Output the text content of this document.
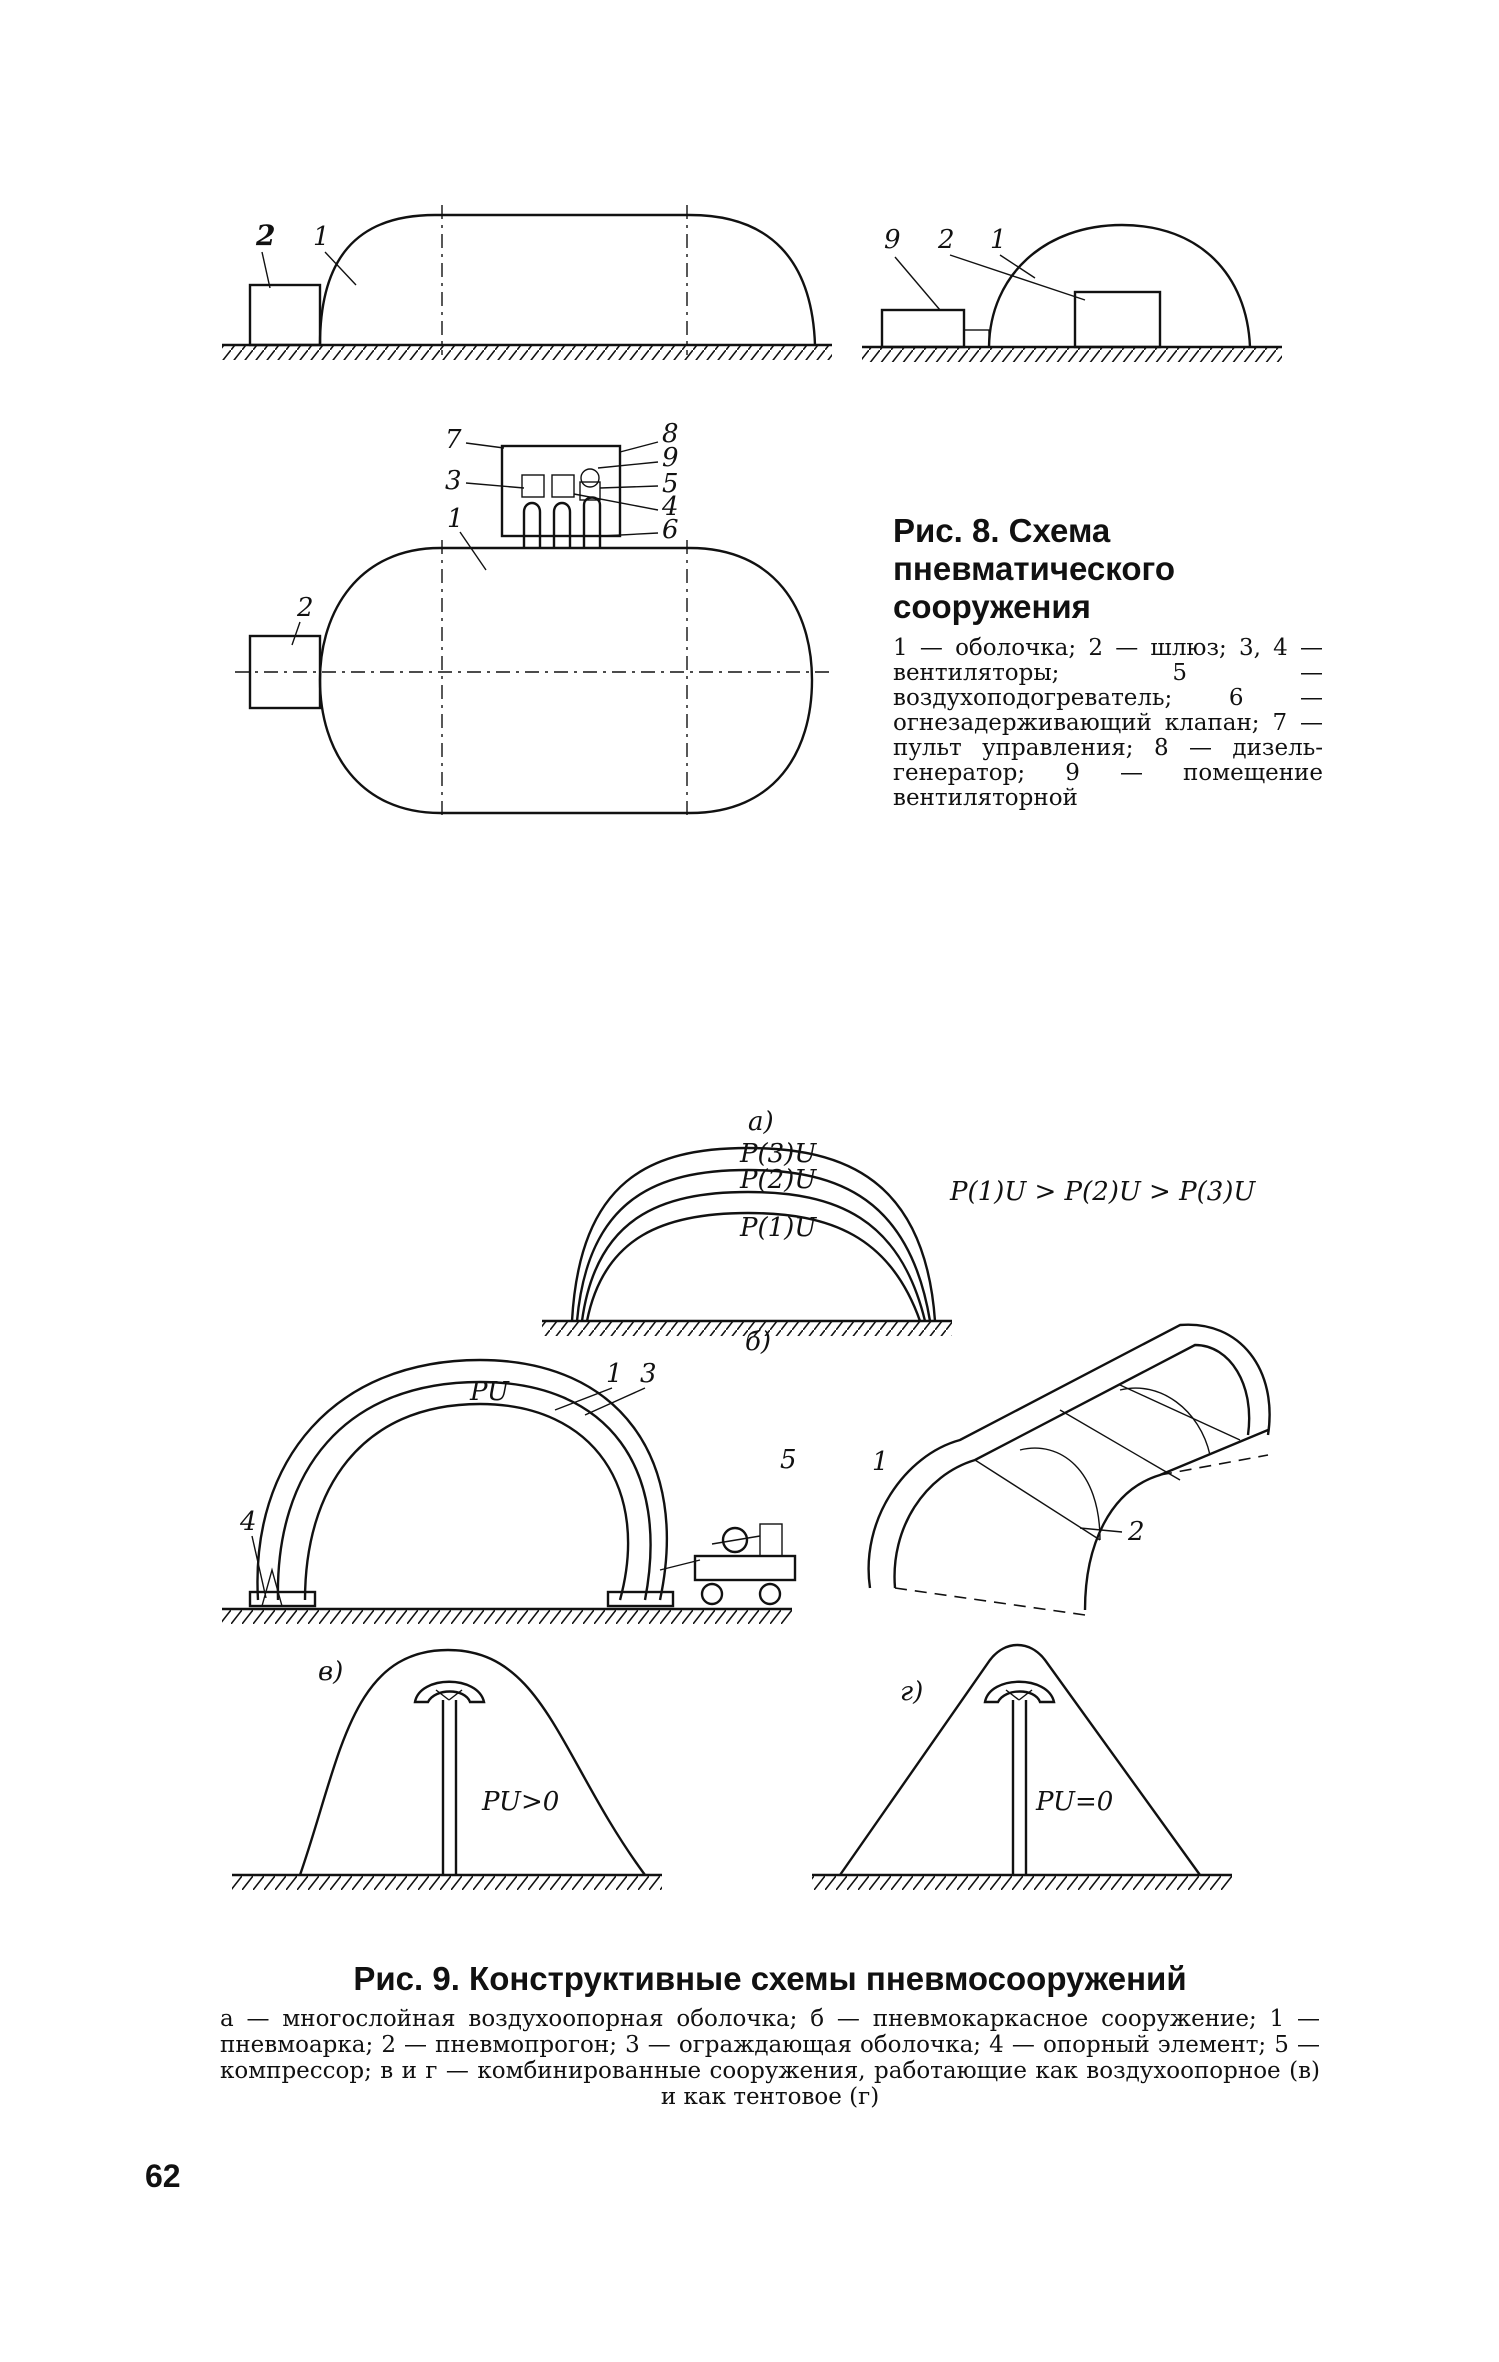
2 1	9 2 1
7	8
9
3	5
4
1	6
2
а)
P(3)U
P(2)U
P(1)U
P(1)U > P(2)U > P(3)U
PU
1 3
б)
4
5	1
2
в)
PU>0
г)
PU=0

Рис. 8. Схема пневматического сооружения

1 — оболочка; 2 — шлюз; 3, 4 — вентиляторы; 5 — воздухоподогреватель; 6 — огнезадерживающий клапан; 7 — пульт управления; 8 — дизель-генератор; 9 — помещение вентиляторной

Рис. 9. Конструктивные схемы пневмосооружений

а — многослойная воздухоопорная оболочка; б — пневмокаркасное сооружение; 1 — пневмоарка; 2 — пневмопрогон; 3 — ограждающая оболочка; 4 — опорный элемент; 5 — компрессор; в и г — комбинированные сооружения, работающие как воздухоопорное (в) и как тентовое (г)
62
